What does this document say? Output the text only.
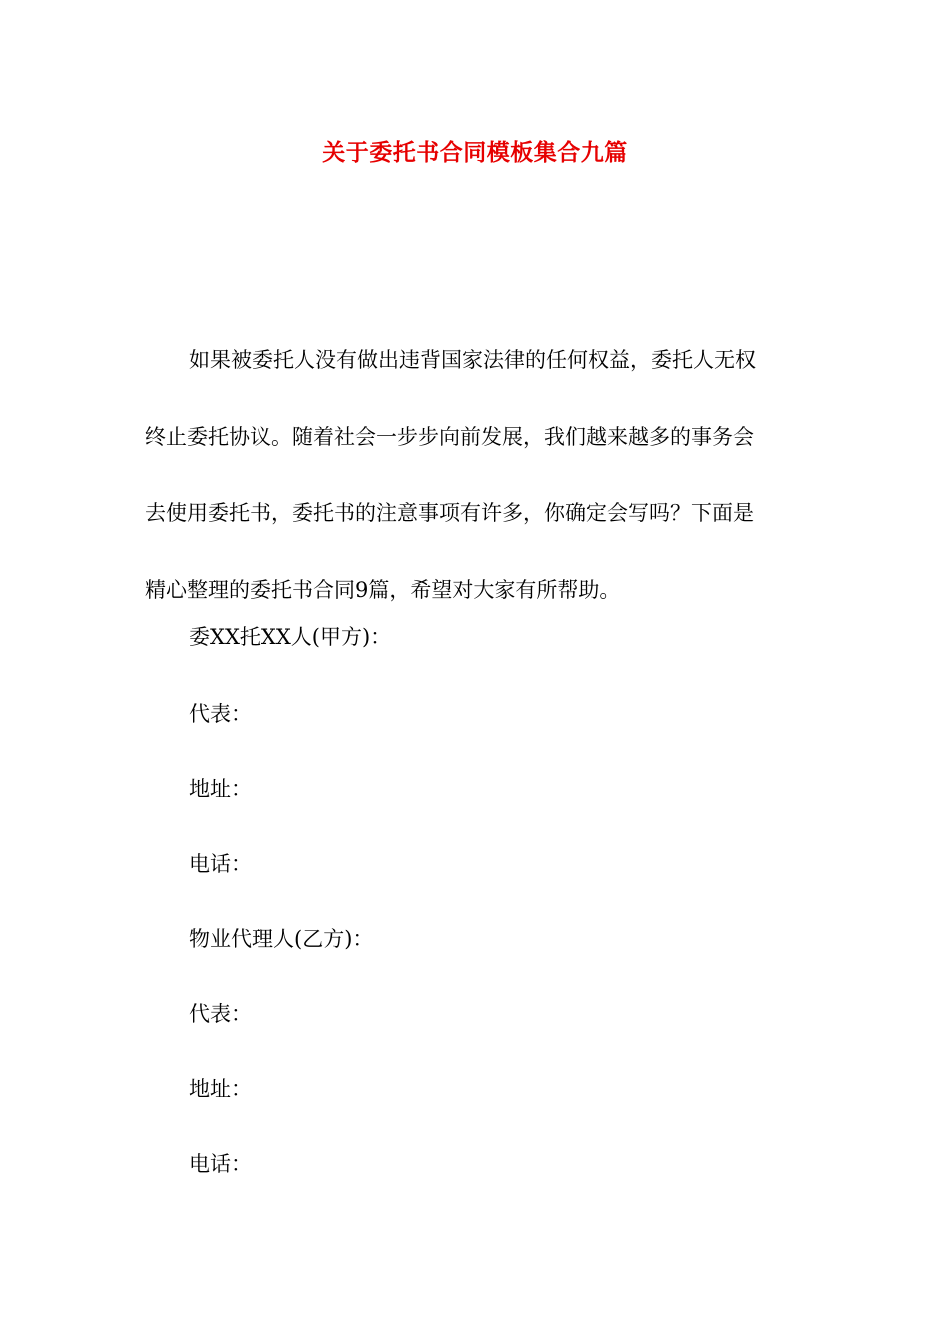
关于委托书合同模板集合九篇
如果被委托人没有做出违背国家法律的任何权益，委托人无权
终止委托协议。随着社会一步步向前发展，我们越来越多的事务会
去使用委托书，委托书的注意事项有许多，你确定会写吗？下面是
精心整理的委托书合同9篇，希望对大家有所帮助。
委XX托XX人(甲方)：
代表：
地址：
电话：
物业代理人(乙方)：
代表：
地址：
电话：
